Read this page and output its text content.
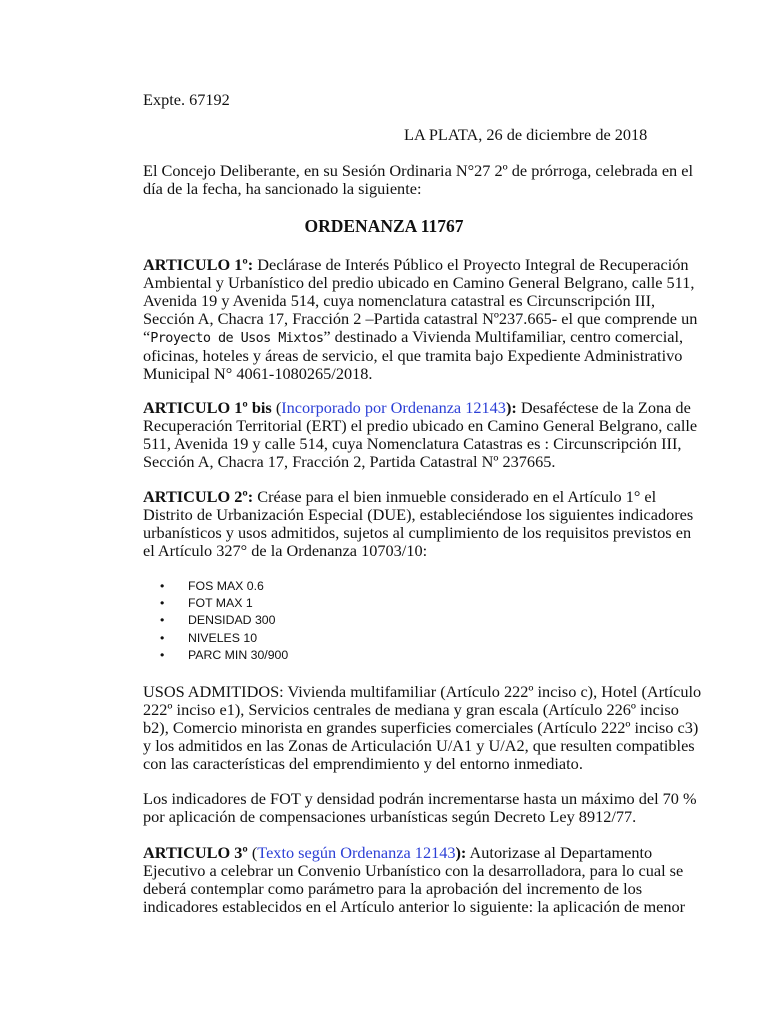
Expte. 67192
LA PLATA, 26 de diciembre de 2018
El Concejo Deliberante, en su Sesión Ordinaria N°27 2º de prórroga, celebrada en el
día de la fecha, ha sancionado la siguiente:
ORDENANZA 11767
ARTICULO 1º: Declárase de Interés Público el Proyecto Integral de Recuperación
Ambiental y Urbanístico del predio ubicado en Camino General Belgrano, calle 511,
Avenida 19 y Avenida 514, cuya nomenclatura catastral es Circunscripción III,
Sección A, Chacra 17, Fracción 2 –Partida catastral Nº237.665- el que comprende un
“Proyecto de Usos Mixtos” destinado a Vivienda Multifamiliar, centro comercial,
oficinas, hoteles y áreas de servicio, el que tramita bajo Expediente Administrativo
Municipal N° 4061-1080265/2018.
ARTICULO 1º bis (Incorporado por Ordenanza 12143): Desaféctese de la Zona de
Recuperación Territorial (ERT) el predio ubicado en Camino General Belgrano, calle
511, Avenida 19 y calle 514, cuya Nomenclatura Catastras es : Circunscripción III,
Sección A, Chacra 17, Fracción 2, Partida Catastral Nº 237665.
ARTICULO 2º: Créase para el bien inmueble considerado en el Artículo 1° el
Distrito de Urbanización Especial (DUE), estableciéndose los siguientes indicadores
urbanísticos y usos admitidos, sujetos al cumplimiento de los requisitos previstos en
el Artículo 327° de la Ordenanza 10703/10:
• FOS MAX 0.6
• FOT MAX 1
• DENSIDAD 300
• NIVELES 10
• PARC MIN 30/900
USOS ADMITIDOS: Vivienda multifamiliar (Artículo 222º inciso c), Hotel (Artículo
222º inciso e1), Servicios centrales de mediana y gran escala (Artículo 226º inciso
b2), Comercio minorista en grandes superficies comerciales (Artículo 222º inciso c3)
y los admitidos en las Zonas de Articulación U/A1 y U/A2, que resulten compatibles
con las características del emprendimiento y del entorno inmediato.
Los indicadores de FOT y densidad podrán incrementarse hasta un máximo del 70 %
por aplicación de compensaciones urbanísticas según Decreto Ley 8912/77.
ARTICULO 3º (Texto según Ordenanza 12143): Autorizase al Departamento
Ejecutivo a celebrar un Convenio Urbanístico con la desarrolladora, para lo cual se
deberá contemplar como parámetro para la aprobación del incremento de los
indicadores establecidos en el Artículo anterior lo siguiente: la aplicación de menor
